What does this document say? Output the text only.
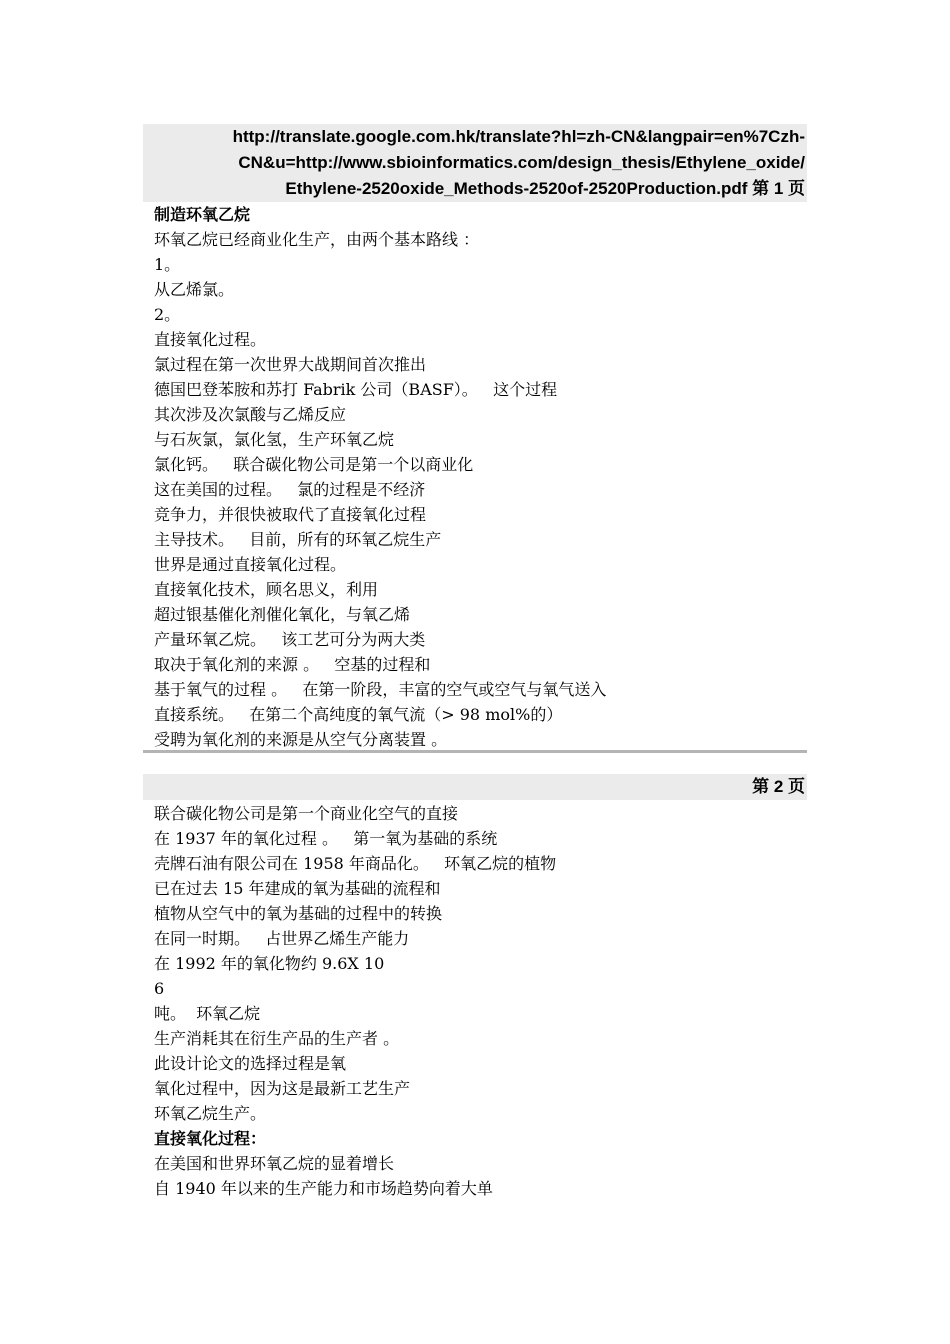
http://translate.google.com.hk/translate?hl=zh-CN&langpair=en%7Czh-
CN&u=http://www.sbioinformatics.com/design_thesis/Ethylene_oxide/
Ethylene-2520oxide_Methods-2520of-2520Production.pdf 第 1 页
制造环氧乙烷
环氧乙烷已经商业化生产，由两个基本路线 ：
1。
从乙烯氯。
2。
直接氧化过程。
氯过程在第一次世界大战期间首次推出
德国巴登苯胺和苏打 Fabrik 公司（BASF）。   这个过程
其次涉及次氯酸与乙烯反应
与石灰氯，氯化氢，生产环氧乙烷
氯化钙。   联合碳化物公司是第一个以商业化
这在美国的过程。   氯的过程是不经济
竞争力，并很快被取代了直接氧化过程
主导技术。   目前，所有的环氧乙烷生产
世界是通过直接氧化过程。
直接氧化技术，顾名思义，利用
超过银基催化剂催化氧化，与氧乙烯
产量环氧乙烷。   该工艺可分为两大类
取决于氧化剂的来源 。   空基的过程和
基于氧气的过程 。   在第一阶段，丰富的空气或空气与氧气送入
直接系统。   在第二个高纯度的氧气流（> 98 mol%的）
受聘为氧化剂的来源是从空气分离装置 。
第 2 页
联合碳化物公司是第一个商业化空气的直接
在 1937 年的氧化过程 。   第一氧为基础的系统
壳牌石油有限公司在 1958 年商品化。   环氧乙烷的植物
已在过去 15 年建成的氧为基础的流程和
植物从空气中的氧为基础的过程中的转换
在同一时期。   占世界乙烯生产能力
在 1992 年的氧化物约 9.6X 10
6
吨。  环氧乙烷
生产消耗其在衍生产品的生产者 。
此设计论文的选择过程是氧
氧化过程中，因为这是最新工艺生产
环氧乙烷生产。
直接氧化过程：
在美国和世界环氧乙烷的显着增长
自 1940 年以来的生产能力和市场趋势向着大单
